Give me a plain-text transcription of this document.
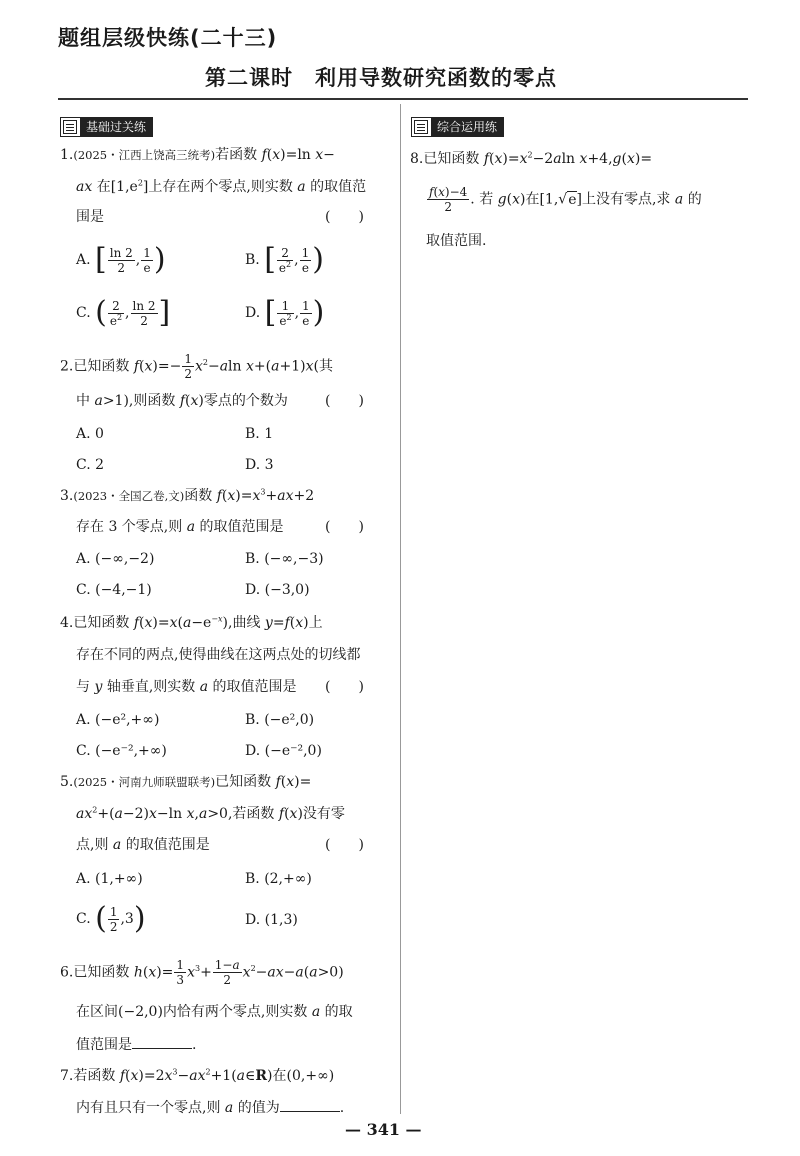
题组层级快练(二十三)
第二课时　利用导数研究函数的零点
基础过关练	综合运用练
1.(2025・江西上饶高三统考)若函数 f(x)=ln x−
ax 在$[1,e^2]$上存在两个零点,则实数 a 的取值范
围是	(　　)
A. [ $\frac{\ln 2}{2}$ , $\frac{1}{e}$ )	B. [ $\frac{2}{e^2}$ , $\frac{1}{e}$ )
C. ( $\frac{2}{e^2}$ , $\frac{\ln 2}{2}$ ]	D. [ $\frac{1}{e^2}$ , $\frac{1}{e}$ )
2.已知函数 $f(x)=- \frac{1}{2} x^2-aln$ x+(a+1)x(其
中 a>1),则函数 f(x)零点的个数为	(　　)
A. 0	B. 1
C. 2	D. 3
3.(2023・全国乙卷,文)函数 $f(x)=x^3+ax+2$
存在 3 个零点,则 a 的取值范围是	(　　)
A. (−∞,−2)	B. (−∞,−3)
C. (−4,−1)	D. (−3,0)
4.已知函数 $f(x)=x(a-e^{-x})$,曲线 y=f(x)上
存在不同的两点,使得曲线在这两点处的切线都
与 y 轴垂直,则实数 a 的取值范围是 (　　)
A. (−e²,+∞)	B. (−e²,0)
C. (−e⁻²,+∞)	D. (−e⁻²,0)
5.(2025・河南九师联盟联考)已知函数 f(x)=
$ax^2+(a-2)x-\ln$ x,a>0,若函数 f(x)没有零
点,则 a 的取值范围是	(　　)
A. (1,+∞)	B. (2,+∞)
C. ( $\frac{1}{2} ,3$)	D. (1,3)
6.已知函数 $h(x)= \frac{1}{3} x^3+ \frac{1-a}{2} x^2-ax-a(a>0)$
在区间(−2,0)内恰有两个零点,则实数 a 的取
值范围是	.
7.若函数 $f(x)=2x^3-ax^2+1(a\in R)$在(0,+∞)
内有且只有一个零点,则 a 的值为	.
8.已知函数 $f(x)=x^2-2aln$ x+4,g(x)=
$\frac{f(x)-4}{2}$ . 若 g(x)在[1,√e]上没有零点,求 a 的
取值范围.
— 341 —
